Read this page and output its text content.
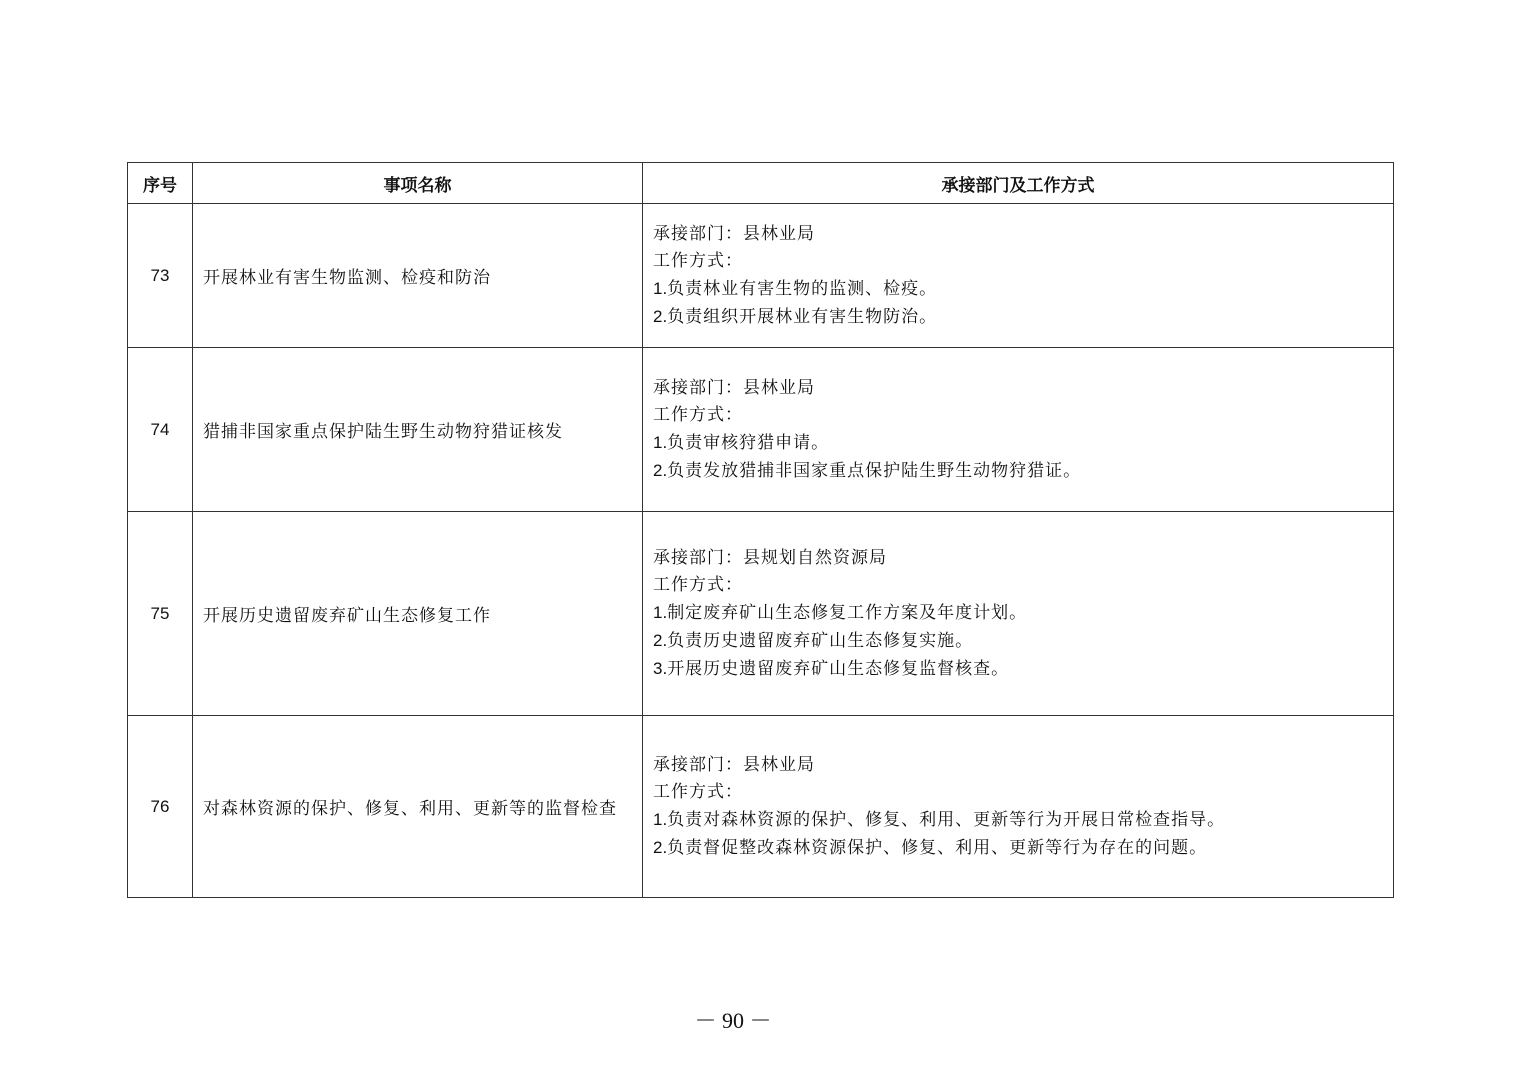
序号	事项名称	承接部门及工作方式
73	开展林业有害生物监测、检疫和防治	承接部门：县林业局
工作方式：
1.负责林业有害生物的监测、检疫。
2.负责组织开展林业有害生物防治。

74	猎捕非国家重点保护陆生野生动物狩猎证核发	承接部门：县林业局
工作方式：
1.负责审核狩猎申请。
2.负责发放猎捕非国家重点保护陆生野生动物狩猎证。

75	开展历史遗留废弃矿山生态修复工作	承接部门：县规划自然资源局
工作方式：
1.制定废弃矿山生态修复工作方案及年度计划。
2.负责历史遗留废弃矿山生态修复实施。
3.开展历史遗留废弃矿山生态修复监督核查。

76	对森林资源的保护、修复、利用、更新等的监督检查	承接部门：县林业局
工作方式：
1.负责对森林资源的保护、修复、利用、更新等行为开展日常检查指导。
2.负责督促整改森林资源保护、修复、利用、更新等行为存在的问题。
－ 90 －
